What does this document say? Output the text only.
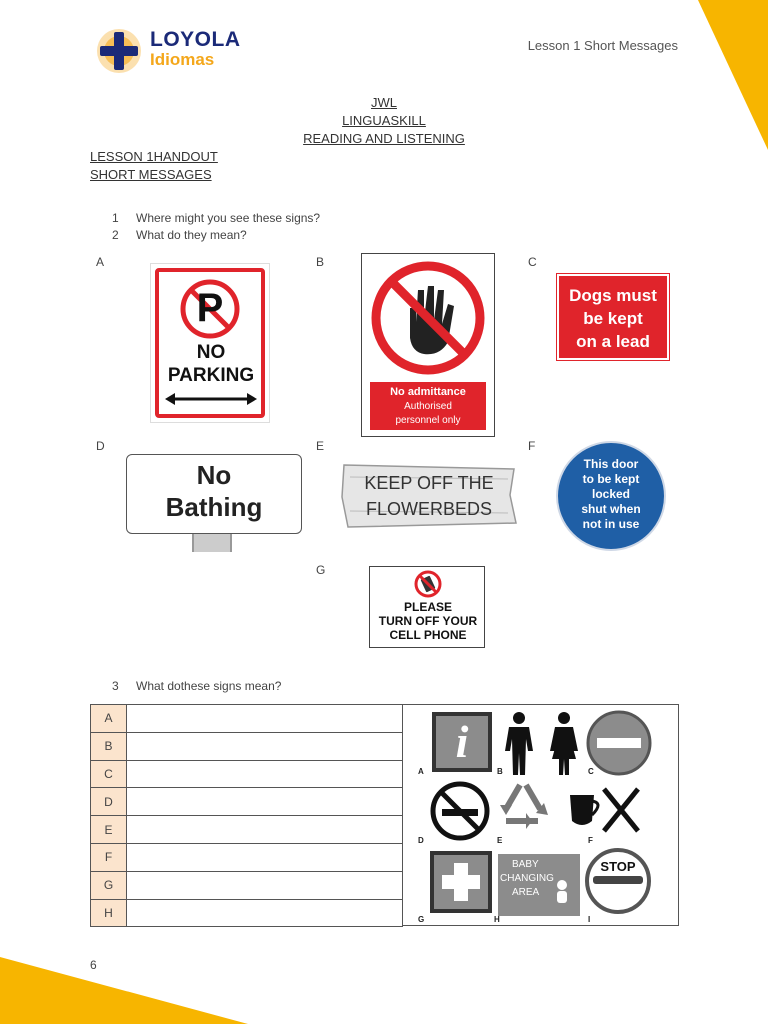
LOYOLA
Idiomas
Lesson 1 Short Messages
JWL
LINGUASKILL
READING AND LISTENING
LESSON 1HANDOUT
SHORT MESSAGES
1 Where might you see these signs?
2 What do they mean?
A	B	C
D	E	F
G
P
NO
PARKING
No admittance
Authorised
personnel only
Dogs must
be kept
on a lead
No
Bathing
KEEP OFF THE
FLOWERBEDS
This door
to be kept
locked
shut when
not in use
PLEASE
TURN OFF YOUR
CELL PHONE
3 What dothese signs mean?
A	
B	
C	
D	
E	
F	
G	
H	
i
BABY
CHANGING
AREA
STOP
A	B	C
D	E	F
G	H	I
6
